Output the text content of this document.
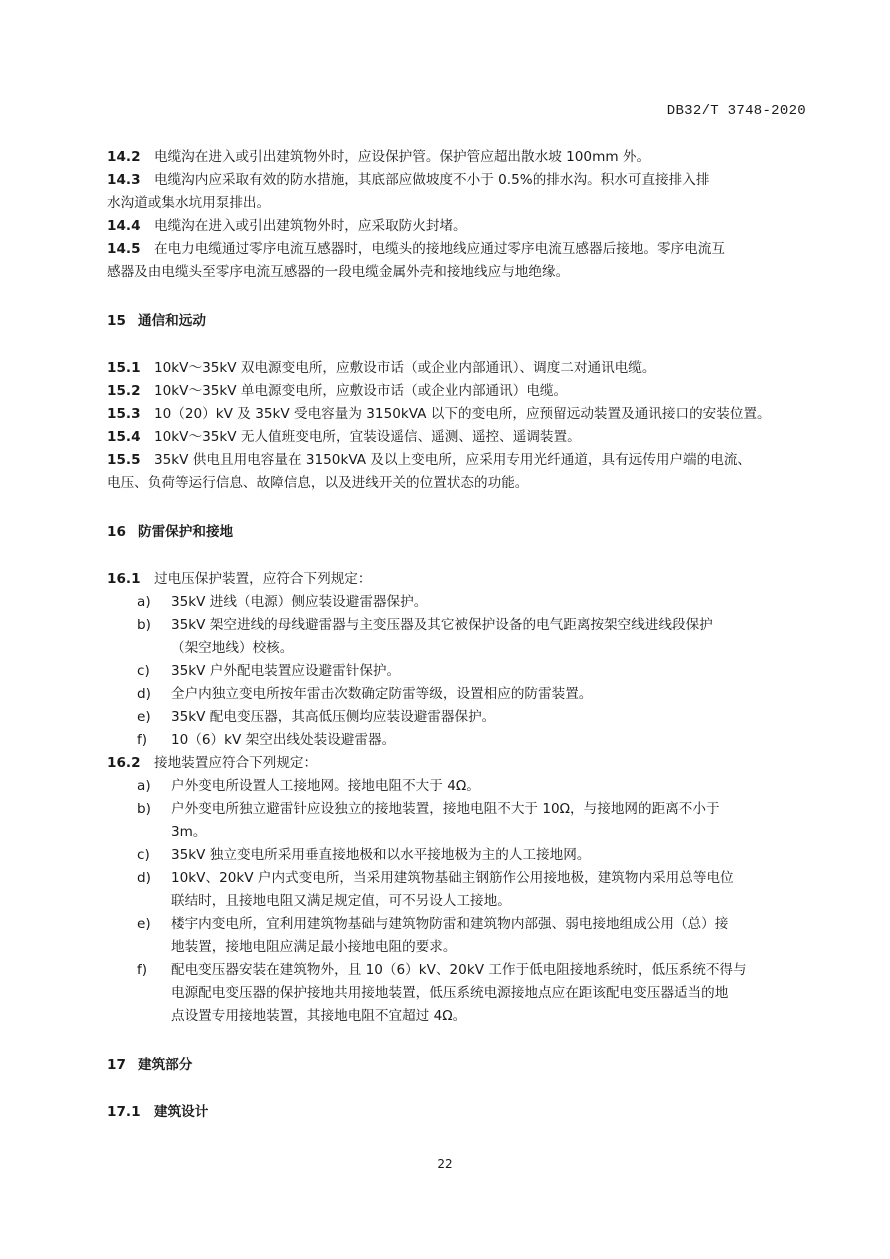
DB32/T 3748-2020
14.2 电缆沟在进入或引出建筑物外时，应设保护管。保护管应超出散水坡 100mm 外。
14.3 电缆沟内应采取有效的防水措施，其底部应做坡度不小于 0.5%的排水沟。积水可直接排入排
水沟道或集水坑用泵排出。
14.4 电缆沟在进入或引出建筑物外时，应采取防火封堵。
14.5 在电力电缆通过零序电流互感器时，电缆头的接地线应通过零序电流互感器后接地。零序电流互
感器及由电缆头至零序电流互感器的一段电缆金属外壳和接地线应与地绝缘。
15 通信和远动
15.1 10kV～35kV 双电源变电所，应敷设市话（或企业内部通讯）、调度二对通讯电缆。
15.2 10kV～35kV 单电源变电所，应敷设市话（或企业内部通讯）电缆。
15.3 10（20）kV 及 35kV 受电容量为 3150kVA 以下的变电所，应预留远动装置及通讯接口的安装位置。
15.4 10kV～35kV 无人值班变电所，宜装设遥信、遥测、遥控、遥调装置。
15.5 35kV 供电且用电容量在 3150kVA 及以上变电所，应采用专用光纤通道，具有远传用户端的电流、
电压、负荷等运行信息、故障信息，以及进线开关的位置状态的功能。
16 防雷保护和接地
16.1 过电压保护装置，应符合下列规定：
a) 35kV 进线（电源）侧应装设避雷器保护。
b) 35kV 架空进线的母线避雷器与主变压器及其它被保护设备的电气距离按架空线进线段保护
（架空地线）校核。
c) 35kV 户外配电装置应设避雷针保护。
d) 全户内独立变电所按年雷击次数确定防雷等级，设置相应的防雷装置。
e) 35kV 配电变压器，其高低压侧均应装设避雷器保护。
f) 10（6）kV 架空出线处装设避雷器。
16.2 接地装置应符合下列规定：
a) 户外变电所设置人工接地网。接地电阻不大于 4Ω。
b) 户外变电所独立避雷针应设独立的接地装置，接地电阻不大于 10Ω，与接地网的距离不小于
3m。
c) 35kV 独立变电所采用垂直接地极和以水平接地极为主的人工接地网。
d) 10kV、20kV 户内式变电所，当采用建筑物基础主钢筋作公用接地极，建筑物内采用总等电位
联结时，且接地电阻又满足规定值，可不另设人工接地。
e) 楼宇内变电所，宜利用建筑物基础与建筑物防雷和建筑物内部强、弱电接地组成公用（总）接
地装置，接地电阻应满足最小接地电阻的要求。
f) 配电变压器安装在建筑物外，且 10（6）kV、20kV 工作于低电阻接地系统时，低压系统不得与
电源配电变压器的保护接地共用接地装置，低压系统电源接地点应在距该配电变压器适当的地
点设置专用接地装置，其接地电阻不宜超过 4Ω。
17 建筑部分
17.1 建筑设计
22
